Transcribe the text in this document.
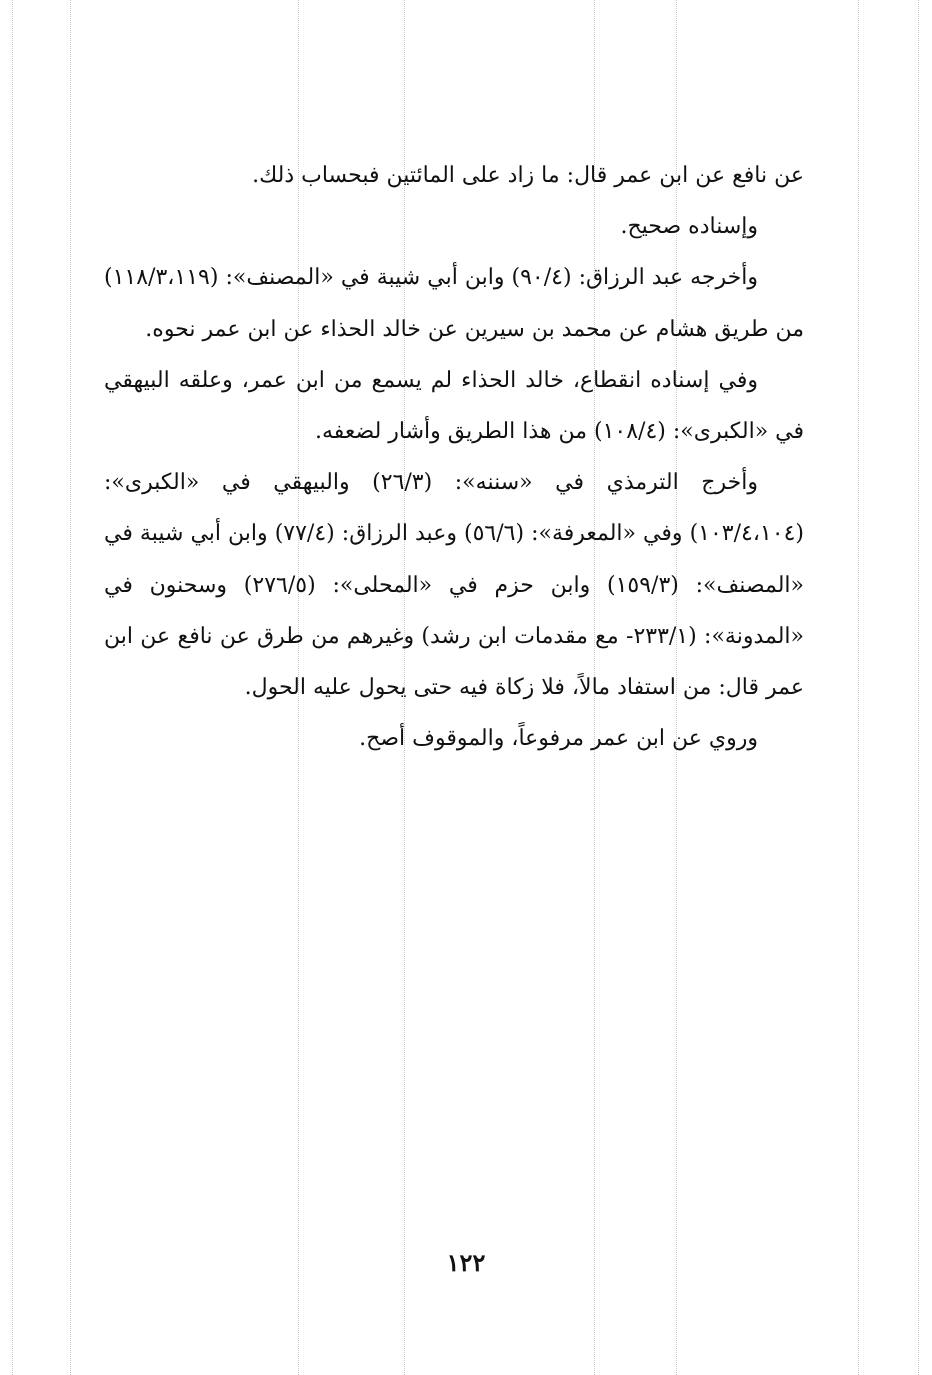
عن نافع عن ابن عمر قال: ما زاد على المائتين فبحساب ذلك.

وإسناده صحيح.

وأخرجه عبد الرزاق: (٩٠/٤) وابن أبي شيبة في «المصنف»: (١١٨/٣،١١٩) من طريق هشام عن محمد بن سيرين عن خالد الحذاء عن ابن عمر نحوه.

وفي إسناده انقطاع، خالد الحذاء لم يسمع من ابن عمر، وعلقه البيهقي في «الكبرى»: (١٠٨/٤) من هذا الطريق وأشار لضعفه.

وأخرج الترمذي في «سننه»: (٢٦/٣) والبيهقي في «الكبرى»: (١٠٣/٤،١٠٤) وفي «المعرفة»: (٥٦/٦) وعبد الرزاق: (٧٧/٤) وابن أبي شيبة في «المصنف»: (١٥٩/٣) وابن حزم في «المحلى»: (٢٧٦/٥) وسحنون في «المدونة»: (٢٣٣/١- مع مقدمات ابن رشد) وغيرهم من طرق عن نافع عن ابن عمر قال: من استفاد مالاً، فلا زكاة فيه حتى يحول عليه الحول.

وروي عن ابن عمر مرفوعاً، والموقوف أصح.

١٢٢
